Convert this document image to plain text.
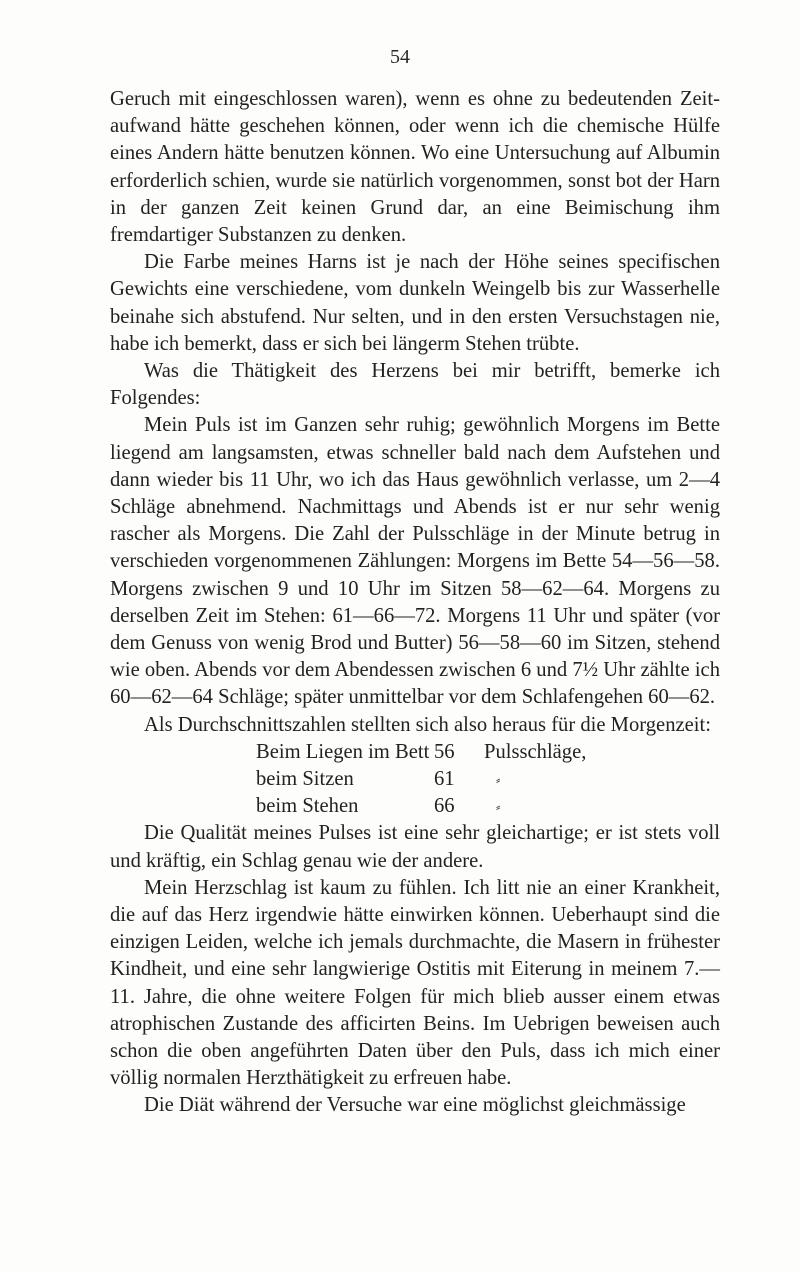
54

Geruch mit eingeschlossen waren), wenn es ohne zu bedeutenden Zeitaufwand hätte geschehen können, oder wenn ich die chemische Hülfe eines Andern hätte benutzen können. Wo eine Untersuchung auf Albumin erforderlich schien, wurde sie natürlich vorgenommen, sonst bot der Harn in der ganzen Zeit keinen Grund dar, an eine Beimischung ihm fremdartiger Substanzen zu denken.

Die Farbe meines Harns ist je nach der Höhe seines specifischen Gewichts eine verschiedene, vom dunkeln Weingelb bis zur Wasserhelle beinahe sich abstufend. Nur selten, und in den ersten Versuchstagen nie, habe ich bemerkt, dass er sich bei längerm Stehen trübte.

Was die Thätigkeit des Herzens bei mir betrifft, bemerke ich Folgendes:

Mein Puls ist im Ganzen sehr ruhig; gewöhnlich Morgens im Bette liegend am langsamsten, etwas schneller bald nach dem Aufstehen und dann wieder bis 11 Uhr, wo ich das Haus gewöhnlich verlasse, um 2—4 Schläge abnehmend. Nachmittags und Abends ist er nur sehr wenig rascher als Morgens. Die Zahl der Pulsschläge in der Minute betrug in verschieden vorgenommenen Zählungen: Morgens im Bette 54—56—58. Morgens zwischen 9 und 10 Uhr im Sitzen 58—62—64. Morgens zu derselben Zeit im Stehen: 61—66—72. Morgens 11 Uhr und später (vor dem Genuss von wenig Brod und Butter) 56—58—60 im Sitzen, stehend wie oben. Abends vor dem Abendessen zwischen 6 und 7½ Uhr zählte ich 60—62—64 Schläge; später unmittelbar vor dem Schlafengehen 60—62.

Als Durchschnittszahlen stellten sich also heraus für die Morgenzeit:

Beim Liegen im Bett 56	Pulsschläge,
beim Sitzen	61	⸗
beim Stehen	66	⸗

Die Qualität meines Pulses ist eine sehr gleichartige; er ist stets voll und kräftig, ein Schlag genau wie der andere.

Mein Herzschlag ist kaum zu fühlen. Ich litt nie an einer Krankheit, die auf das Herz irgendwie hätte einwirken können. Ueberhaupt sind die einzigen Leiden, welche ich jemals durchmachte, die Masern in frühester Kindheit, und eine sehr langwierige Ostitis mit Eiterung in meinem 7.—11. Jahre, die ohne weitere Folgen für mich blieb ausser einem etwas atrophischen Zustande des afficirten Beins. Im Uebrigen beweisen auch schon die oben angeführten Daten über den Puls, dass ich mich einer völlig normalen Herzthätigkeit zu erfreuen habe.

Die Diät während der Versuche war eine möglichst gleichmässige
